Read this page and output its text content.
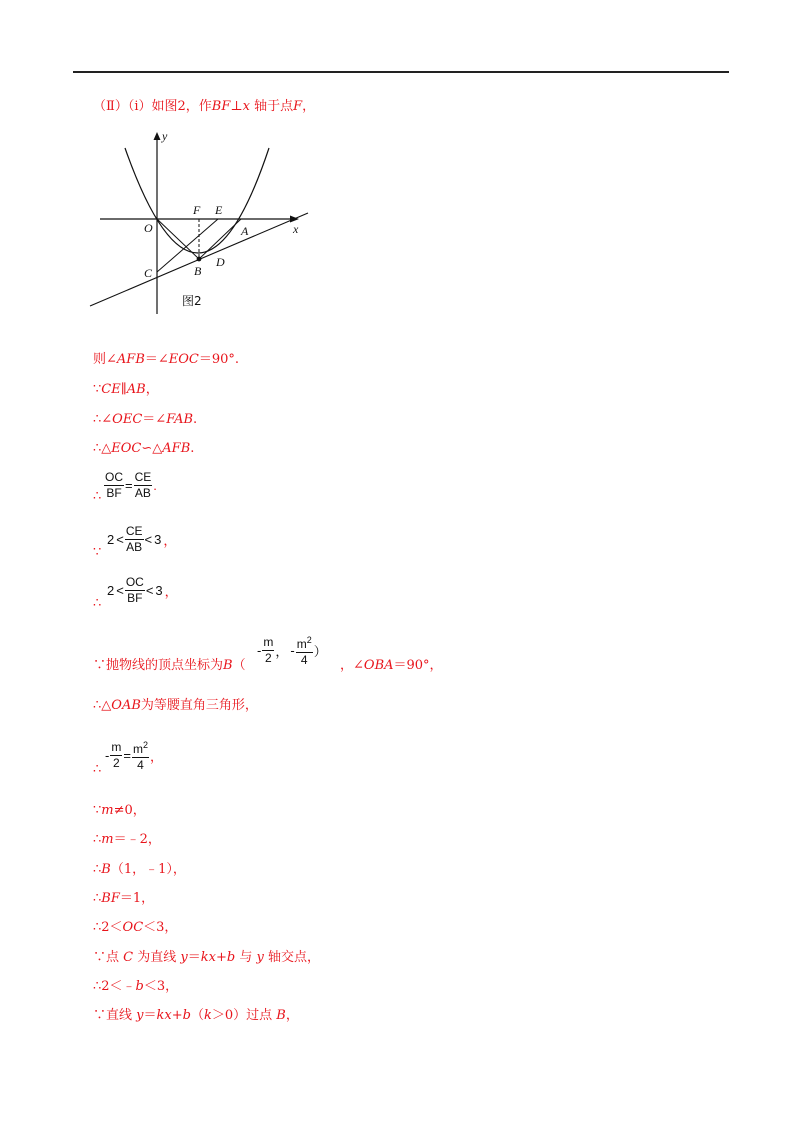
（Ⅱ）（ⅰ）如图2，作BF⊥x 轴于点F，
y
x
O
F E
A
C	B
D
图2
则∠AFB＝∠EOC＝90°.
∵CE∥AB，
∴∠OEC＝∠FAB.
∴△EOC∽△AFB.
∴ $\frac{OC}{BF} = \frac{CE}{AB}$ .
∵
$2 < \frac{CE}{AB} < 3$ ，
∴
$2 < \frac{OC}{BF} < 3$ ，
∵抛物线的顶点坐标为B（
- $\frac{m}{2}$ ， - $\frac{m^2}{4}$ ）
，∠OBA＝90°，
∴△OAB为等腰直角三角形，
∴
- $\frac{m}{2} = \frac{m^2}{4}$ ，
∵m≠0，
∴m＝﹣2，
∴B（1，﹣1），
∴BF＝1，
∴2＜OC＜3，
∵点 C 为直线 y＝kx+b 与 y 轴交点，
∴2＜﹣b＜3，
∵直线 y＝kx+b（k＞0）过点 B，
